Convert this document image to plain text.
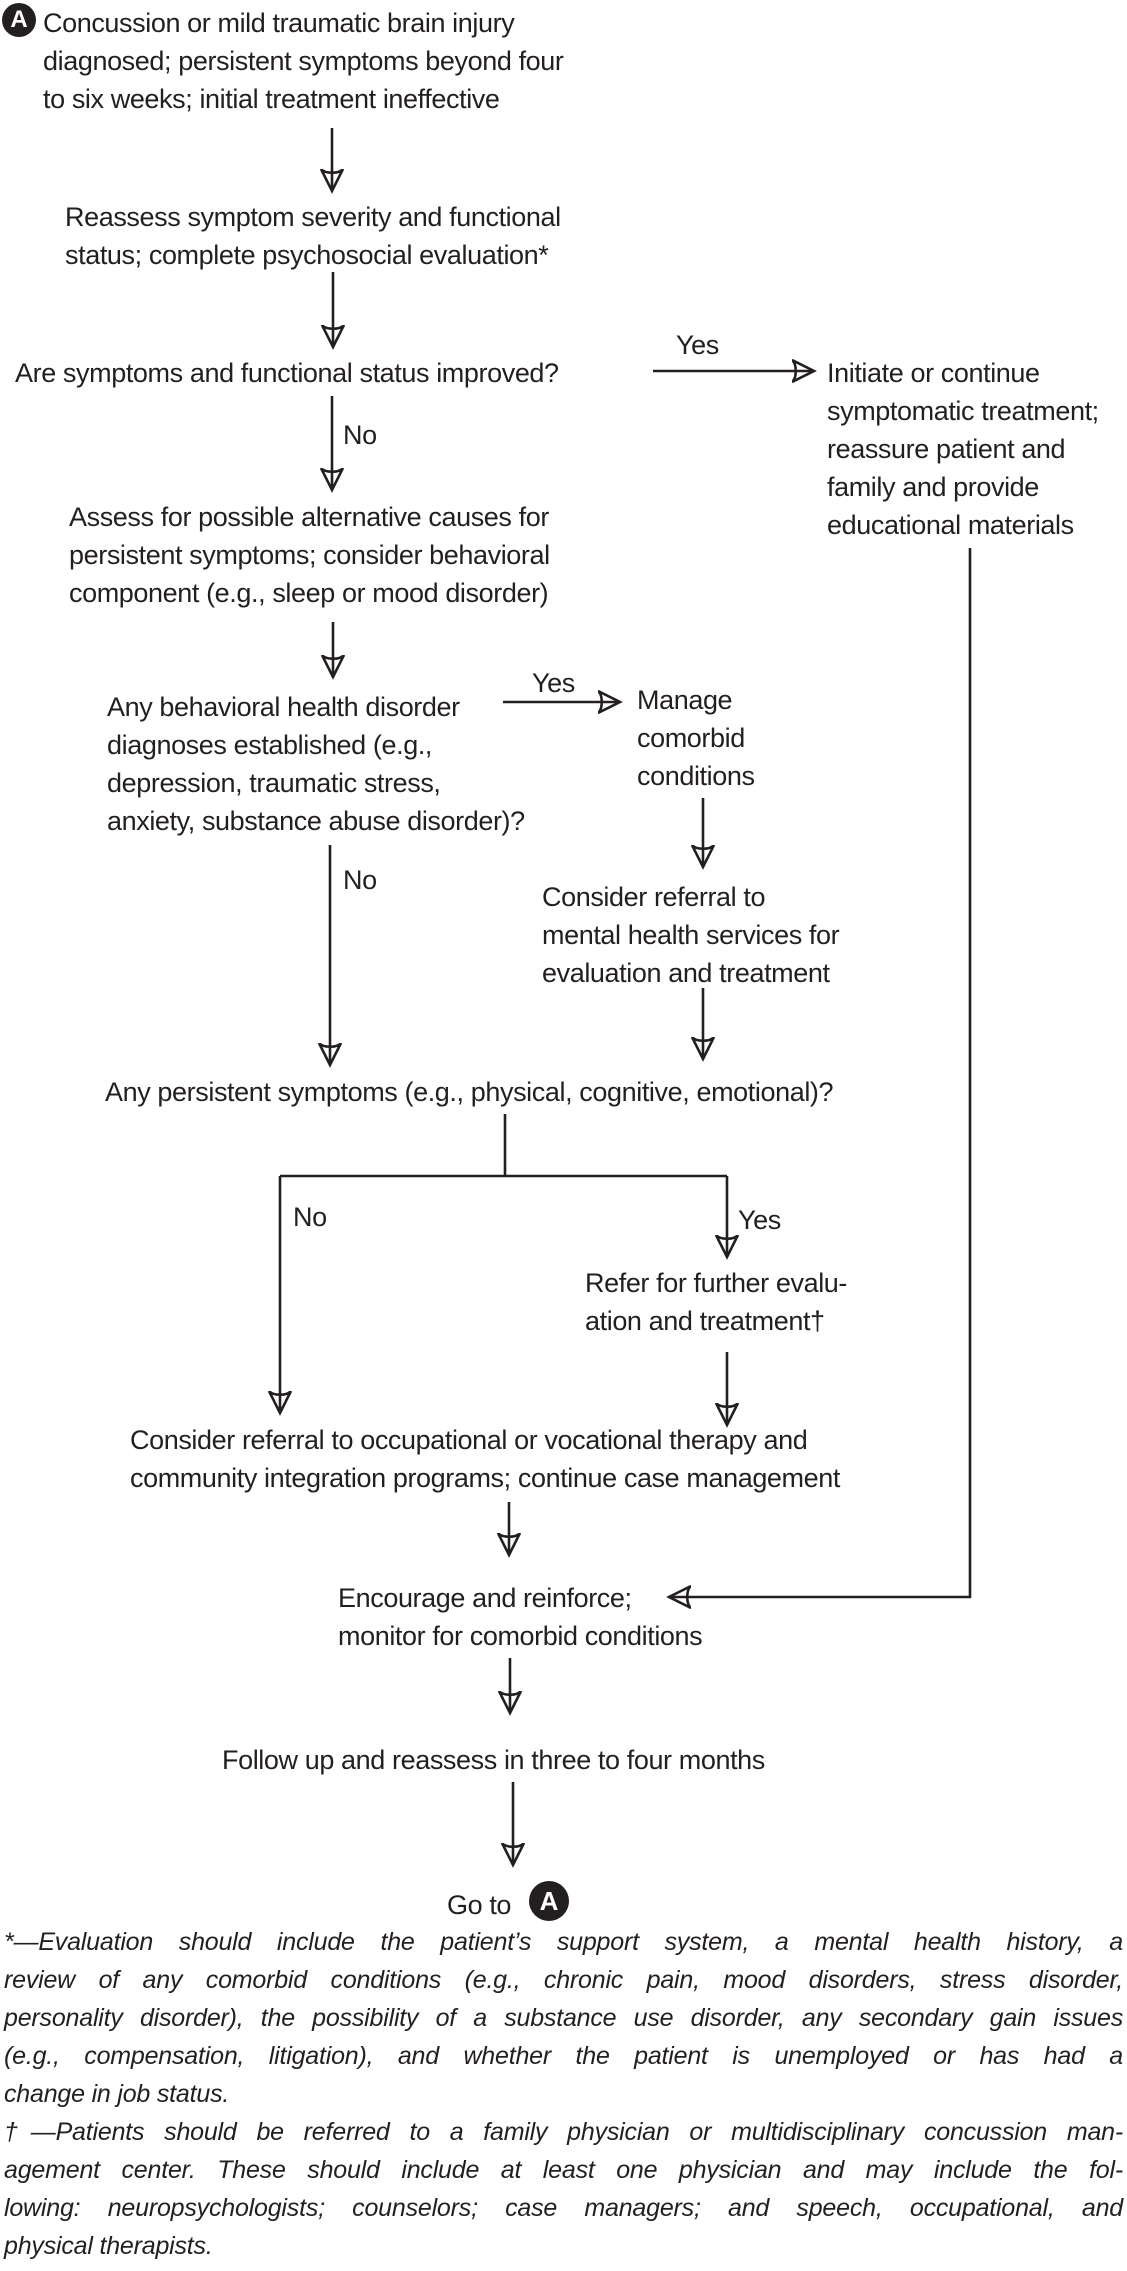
A Concussion or mild traumatic brain injury
diagnosed; persistent symptoms beyond four
to six weeks; initial treatment ineffective
Reassess symptom severity and functional
status; complete psychosocial evaluation*
Are symptoms and functional status improved?
Yes
Initiate or continue
symptomatic treatment;
reassure patient and
family and provide
educational materials
No
Assess for possible alternative causes for
persistent symptoms; consider behavioral
component (e.g., sleep or mood disorder)
Any behavioral health disorder
diagnoses established (e.g.,
depression, traumatic stress,
anxiety, substance abuse disorder)?
Yes
Manage
comorbid
conditions
No
Consider referral to
mental health services for
evaluation and treatment
Any persistent symptoms (e.g., physical, cognitive, emotional)?
No	Yes
Refer for further evalu-
ation and treatment†
Consider referral to occupational or vocational therapy and
community integration programs; continue case management
Encourage and reinforce;
monitor for comorbid conditions
Follow up and reassess in three to four months
Go to A
*—Evaluation should include the patient’s support system, a mental health history, a
review of any comorbid conditions (e.g., chronic pain, mood disorders, stress disorder,
personality disorder), the possibility of a substance use disorder, any secondary gain issues
(e.g., compensation, litigation), and whether the patient is unemployed or has had a
change in job status.
†—Patients should be referred to a family physician or multidisciplinary concussion man-
agement center. These should include at least one physician and may include the fol-
lowing: neuropsychologists; counselors; case managers; and speech, occupational, and
physical therapists.
